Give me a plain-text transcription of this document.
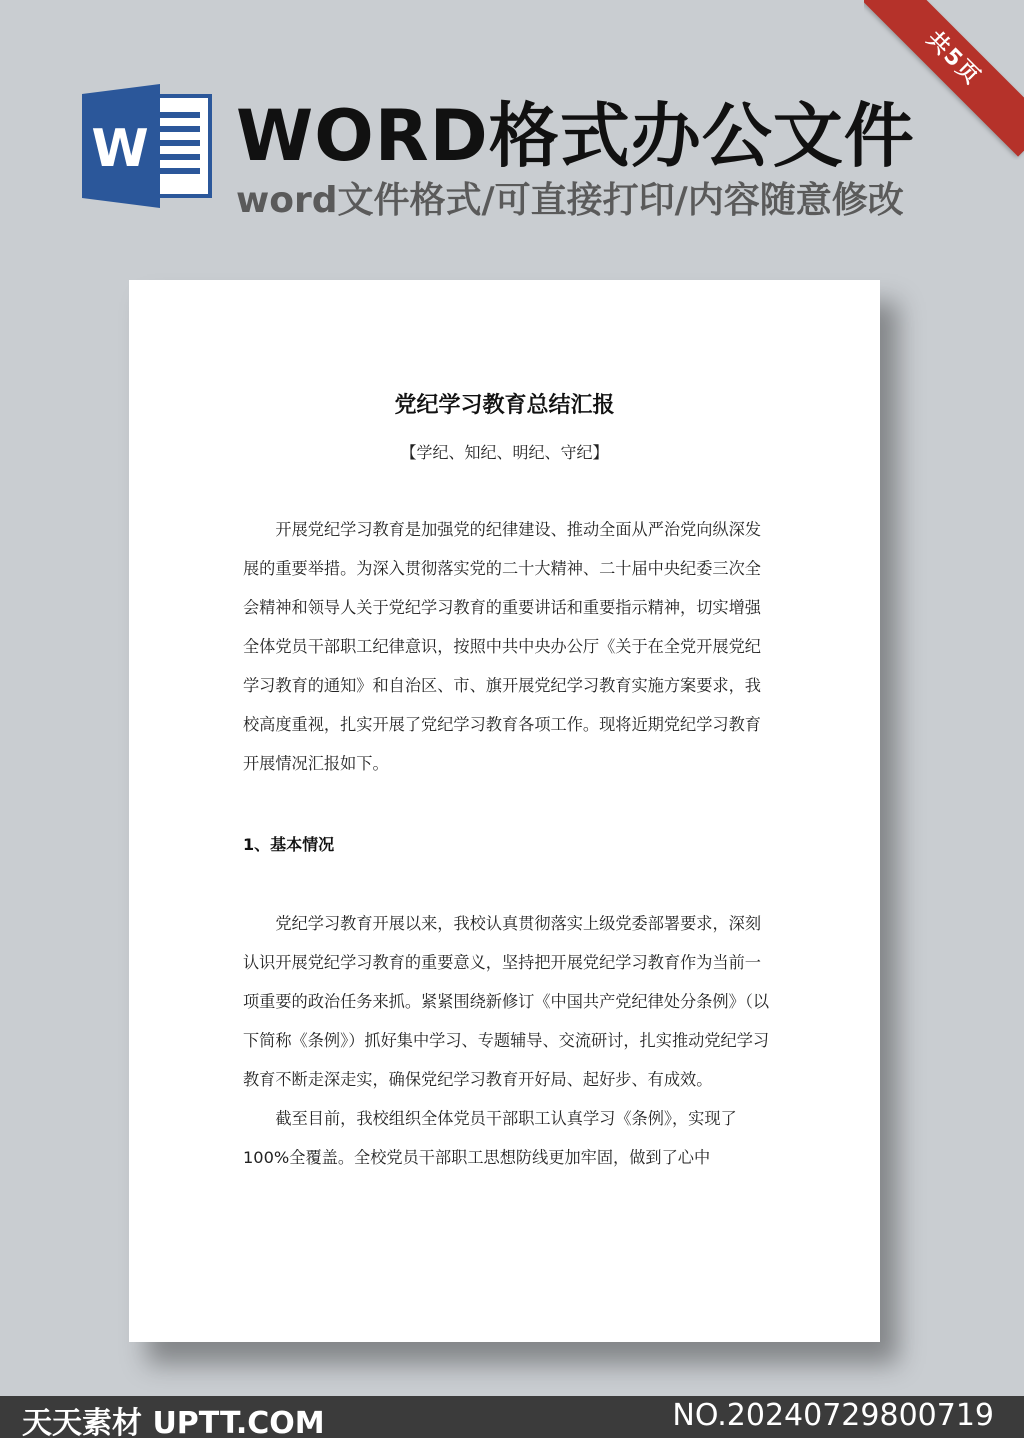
共5页
W WORD格式办公文件
word文件格式/可直接打印/内容随意修改
党纪学习教育总结汇报
【学纪、知纪、明纪、守纪】

开展党纪学习教育是加强党的纪律建设、推动全面从严治党向纵深发展的重要举措。为深入贯彻落实党的二十大精神、二十届中央纪委三次全会精神和领导人关于党纪学习教育的重要讲话和重要指示精神，切实增强全体党员干部职工纪律意识，按照中共中央办公厅《关于在全党开展党纪学习教育的通知》和自治区、市、旗开展党纪学习教育实施方案要求，我校高度重视，扎实开展了党纪学习教育各项工作。现将近期党纪学习教育开展情况汇报如下。

1、基本情况

党纪学习教育开展以来，我校认真贯彻落实上级党委部署要求，深刻认识开展党纪学习教育的重要意义，坚持把开展党纪学习教育作为当前一项重要的政治任务来抓。紧紧围绕新修订《中国共产党纪律处分条例》（以下简称《条例》）抓好集中学习、专题辅导、交流研讨，扎实推动党纪学习教育不断走深走实，确保党纪学习教育开好局、起好步、有成效。

截至目前，我校组织全体党员干部职工认真学习《条例》，实现了 100%全覆盖。全校党员干部职工思想防线更加牢固，做到了心中

天天素材 UPTT.COM	NO.20240729800719
